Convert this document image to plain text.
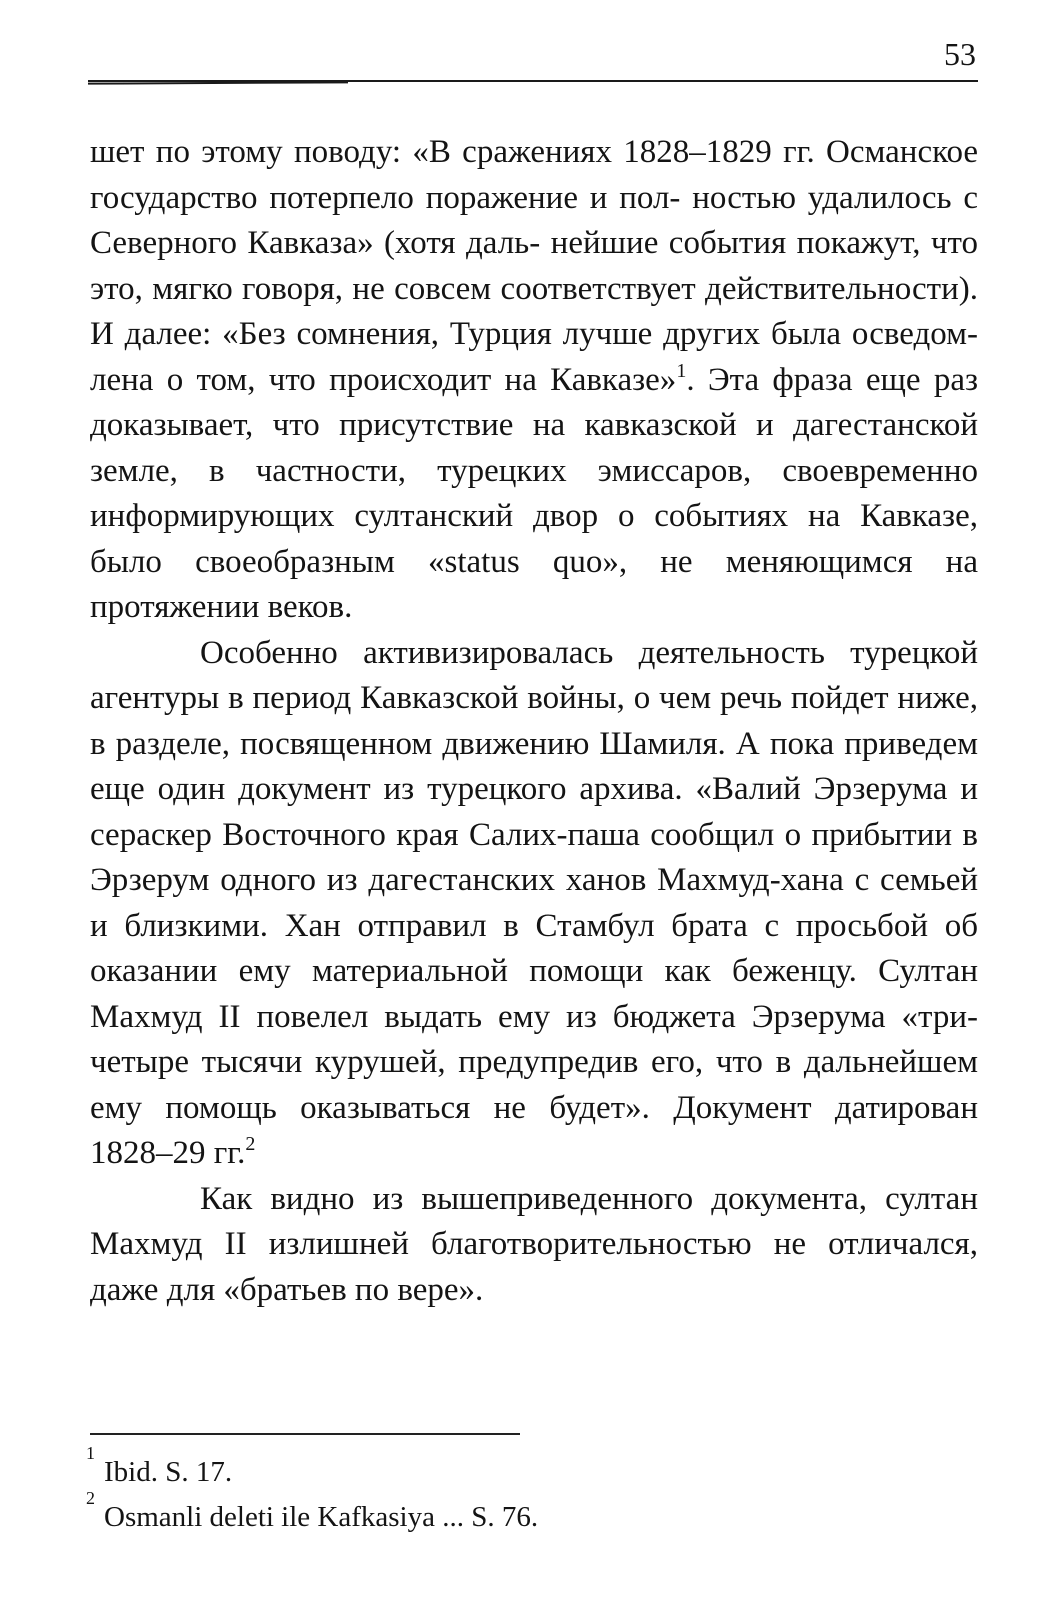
53

шет по этому поводу: «В сражениях 1828–1829 гг. Османское государство потерпело поражение и пол- ностью удалилось с Северного Кавказа» (хотя даль- нейшие события покажут, что это, мягко говоря, не совсем соответствует действительности). И далее: «Без сомнения, Турция лучше других была осведом- лена о том, что происходит на Кавказе»$^1$. Эта фраза еще раз доказывает, что присутствие на кавказской и дагестанской земле, в частности, турецких эмиссаров, своевременно информирующих султанский двор о событиях на Кавказе, было своеобразным «status quo», не меняющимся на протяжении веков.

Особенно активизировалась деятельность турецкой агентуры в период Кавказской войны, о чем речь пойдет ниже, в разделе, посвященном движению Шамиля. А пока приведем еще один документ из турецкого архива. «Валий Эрзерума и сераскер Восточного края Салих-паша сообщил о прибытии в Эрзерум одного из дагестанских ханов Махмуд-хана с семьей и близкими. Хан отправил в Стамбул брата с просьбой об оказании ему материальной помощи как беженцу. Султан Махмуд II повелел выдать ему из бюджета Эрзерума «три-четыре тысячи курушей, предупредив его, что в дальнейшем ему помощь оказываться не будет». Документ датирован 1828–29 гг.$^2$

Как видно из вышеприведенного документа, султан Махмуд II излишней благотворительностью не отличался, даже для «братьев по вере».

1
Ibid. S. 17.
2
Osmanli deleti ile Kafkasiya ... S. 76.
